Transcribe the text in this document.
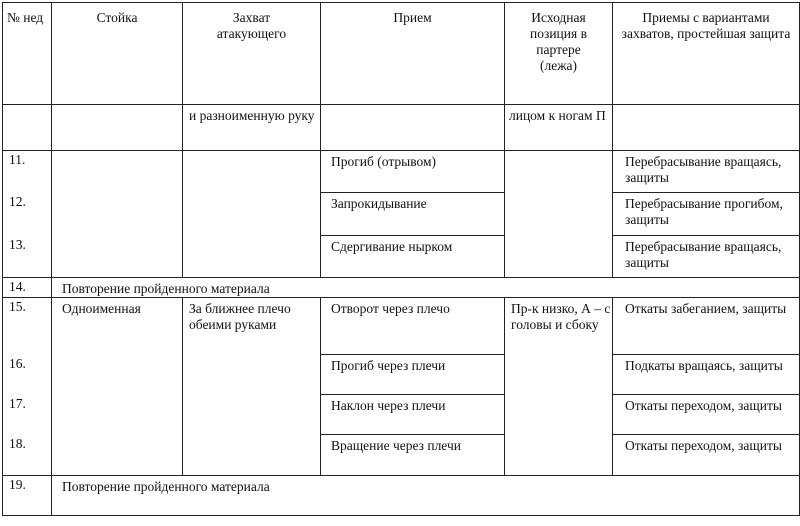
№ нед	Стойка	Захват атакующего	Прием	Исходная позиция в партере (лежа)	Приемы с вариантами захватов, простейшая защита
		и разноименную руку		лицом к ногам П	
11.			Прогиб (отрывом)		Перебрасывание вращаясь, защиты
12.			Запрокидывание		Перебрасывание прогибом, защиты
13.			Сдергивание нырком		Перебрасывание вращаясь, защиты
14.	Повторение пройденного материала				
15.	Одноименная	За ближнее плечо обеими руками	Отворот через плечо	Пр-к низко, А – с головы и сбоку	Откаты забеганием, защиты
16.			Прогиб через плечи		Подкаты вращаясь, защиты
17.			Наклон через плечи		Откаты переходом, защиты
18.			Вращение через плечи		Откаты переходом, защиты
19.	Повторение пройденного материала				
